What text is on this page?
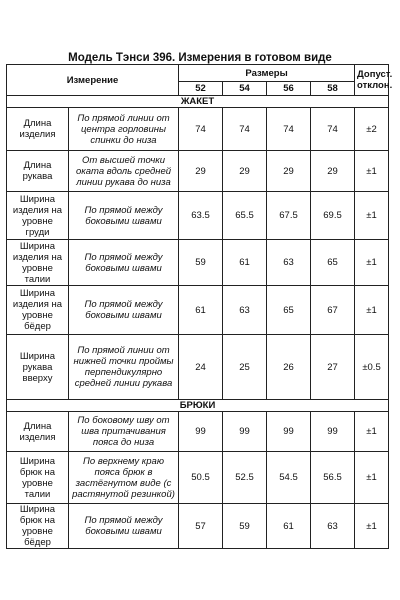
Модель Тэнси 396. Измерения в готовом виде
Измерение		Размеры				Допуст. отклон.
		52	54	56	58	
ЖАКЕТ						
Длина изделия	По прямой линии от центра горловины спинки до низа	74	74	74	74	±2
Длина рукава	От высшей точки оката вдоль средней линии рукава до низа	29	29	29	29	±1
Ширина изделия на уровне груди	По прямой между боковыми швами	63.5	65.5	67.5	69.5	±1
Ширина изделия на уровне талии	По прямой между боковыми швами	59	61	63	65	±1
Ширина изделия на уровне бёдер	По прямой между боковыми швами	61	63	65	67	±1
Ширина рукава вверху	По прямой линии от нижней точки проймы перпендикулярно средней линии рукава	24	25	26	27	±0.5
БРЮКИ						
Длина изделия	По боковому шву от шва притачивания пояса до низа	99	99	99	99	±1
Ширина брюк на уровне талии	По верхнему краю пояса брюк в застёгнутом виде (с растянутой резинкой)	50.5	52.5	54.5	56.5	±1
Ширина брюк на уровне бёдер	По прямой между боковыми швами	57	59	61	63	±1
